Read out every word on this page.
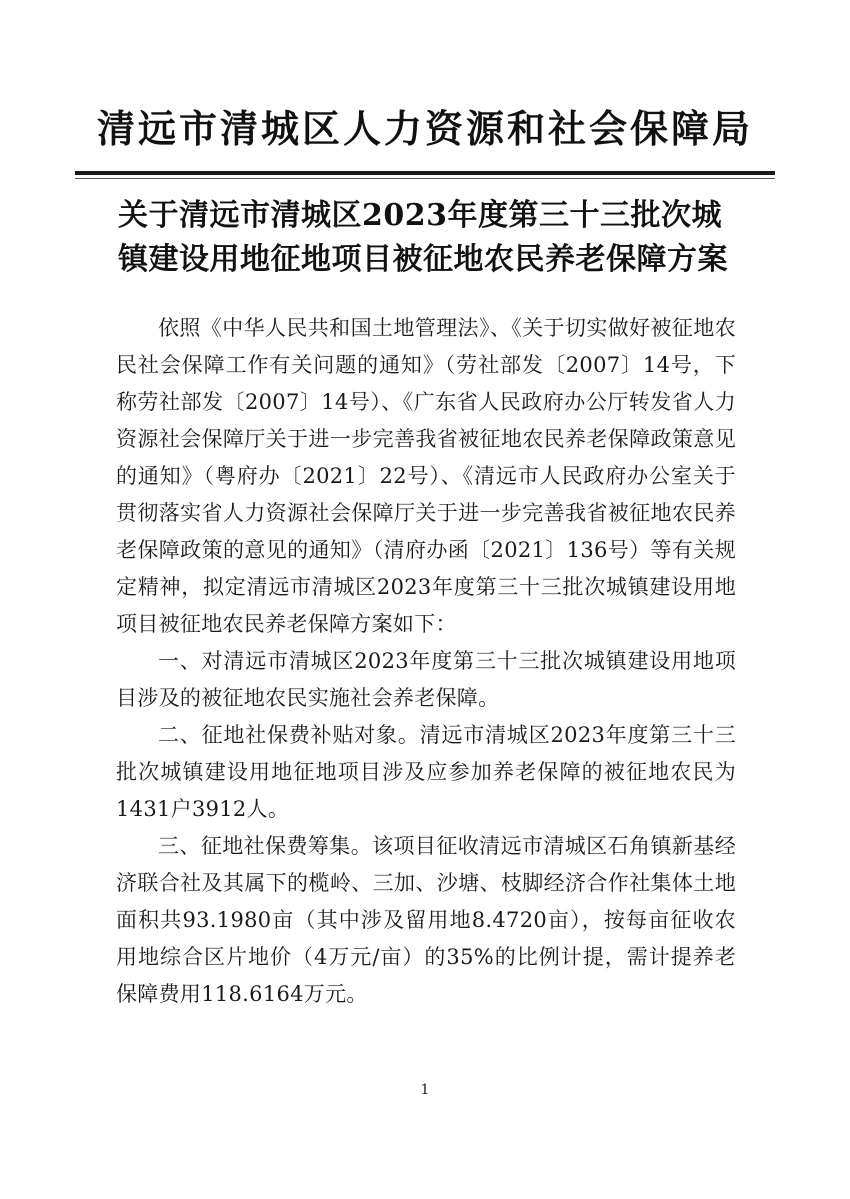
清远市清城区人力资源和社会保障局
关于清远市清城区2023年度第三十三批次城
镇建设用地征地项目被征地农民养老保障方案

依照《中华人民共和国土地管理法》、《关于切实做好被征地农民社会保障工作有关问题的通知》（劳社部发〔2007〕14号，下称劳社部发〔2007〕14号）、《广东省人民政府办公厅转发省人力资源社会保障厅关于进一步完善我省被征地农民养老保障政策意见的通知》（粤府办〔2021〕22号）、《清远市人民政府办公室关于贯彻落实省人力资源社会保障厅关于进一步完善我省被征地农民养老保障政策的意见的通知》（清府办函〔2021〕136号）等有关规定精神，拟定清远市清城区2023年度第三十三批次城镇建设用地项目被征地农民养老保障方案如下：

一、对清远市清城区2023年度第三十三批次城镇建设用地项目涉及的被征地农民实施社会养老保障。

二、征地社保费补贴对象。清远市清城区2023年度第三十三批次城镇建设用地征地项目涉及应参加养老保障的被征地农民为1431户3912人。

三、征地社保费筹集。该项目征收清远市清城区石角镇新基经济联合社及其属下的榄岭、三加、沙塘、枝脚经济合作社集体土地面积共93.1980亩（其中涉及留用地8.4720亩），按每亩征收农用地综合区片地价（4万元/亩）的35%的比例计提，需计提养老保障费用118.6164万元。

1
